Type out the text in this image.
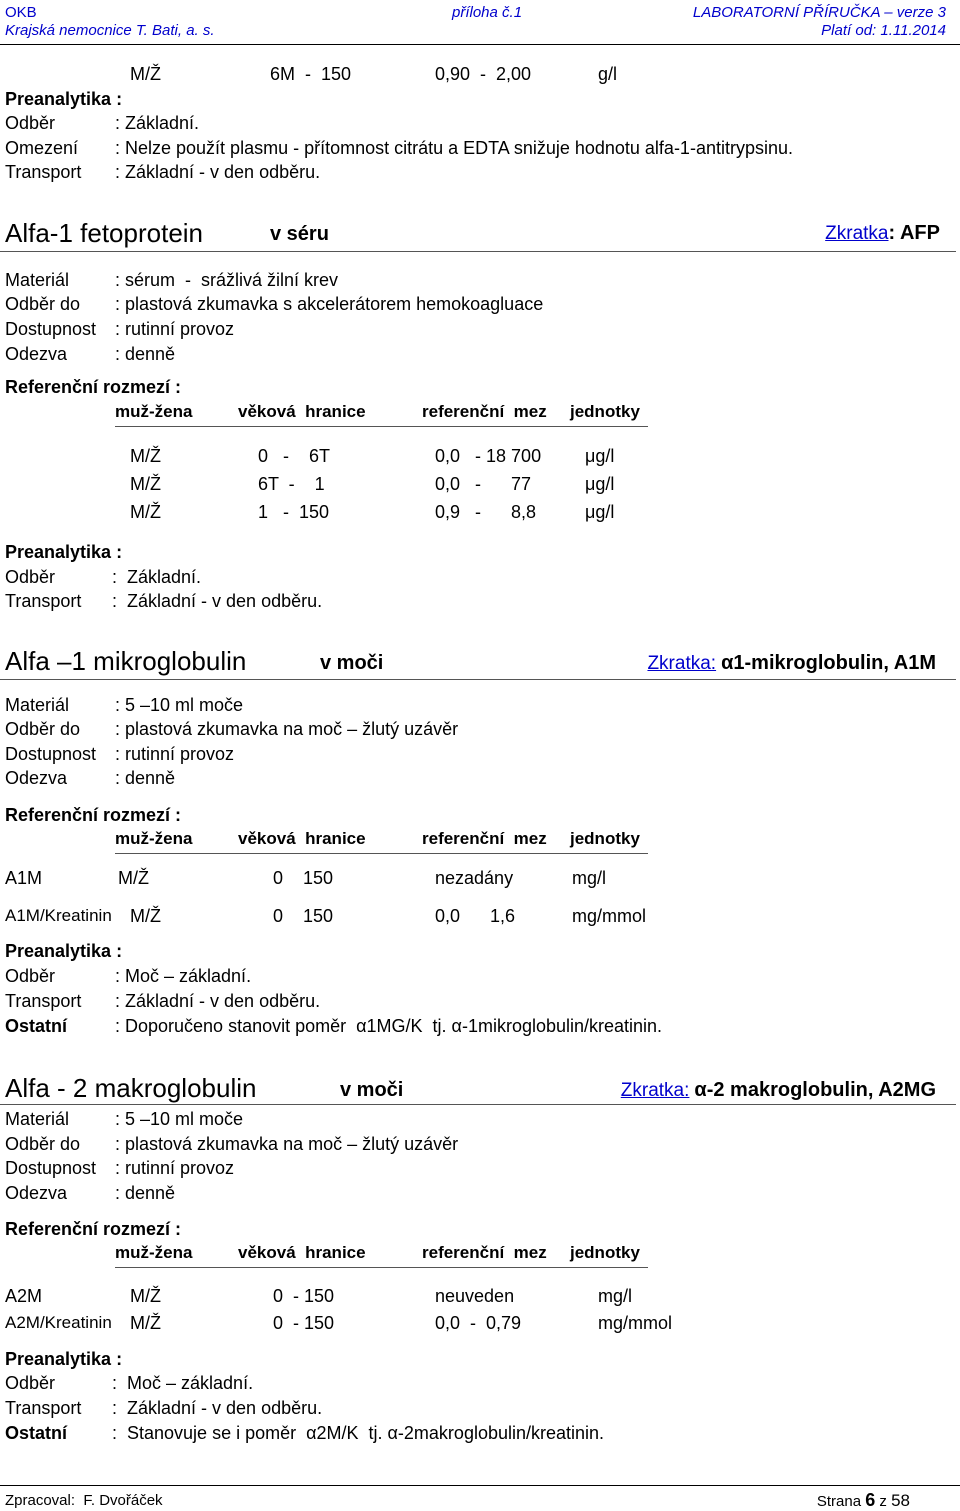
OKB
Krajská nemocnice T. Bati, a. s.
příloha č.1	LABORATORNÍ PŘÍRUČKA – verze 3
Platí od: 1.11.2014
M/Ž	6M  -  150	0,90  -  2,00	g/l
Preanalytika :
Odběr	: Základní.
Omezení : Nelze použít plasmu - přítomnost citrátu a EDTA snižuje hodnotu alfa-1-antitrypsinu.
Transport : Základní - v den odběru.
Alfa-1 fetoprotein	v séru	Zkratka: AFP
Materiál	: sérum  -  srážlivá žilní krev
Odběr do : plastová zkumavka s akcelerátorem hemokoagluace
Dostupnost : rutinní provoz
Odezva	: denně
Referenční rozmezí :
muž-žena	věková  hranice	referenční  mez jednotky
M/Ž	0   -    6T	0,0   - 18 700 μg/l
M/Ž	6T  -    1	0,0   -      77	μg/l
M/Ž	1   -  150	0,9   -      8,8	μg/l
Preanalytika :
Odběr	:  Základní.
Transport :  Základní - v den odběru.
Alfa –1 mikroglobulin	v moči	Zkratka: α1-mikroglobulin, A1M
Materiál	: 5 –10 ml moče
Odběr do : plastová zkumavka na moč – žlutý uzávěr
Dostupnost : rutinní provoz
Odezva	: denně
Referenční rozmezí :
muž-žena	věková  hranice	referenční  mez jednotky
A1M	M/Ž	0    150	nezadány	mg/l
A1M/Kreatinin M/Ž	0    150	0,0      1,6	mg/mmol
Preanalytika :
Odběr	: Moč – základní.
Transport : Základní - v den odběru.
Ostatní	: Doporučeno stanovit poměr  α1MG/K  tj. α-1mikroglobulin/kreatinin.
Alfa - 2 makroglobulin	v moči	Zkratka: α-2 makroglobulin, A2MG
Materiál	: 5 –10 ml moče
Odběr do : plastová zkumavka na moč – žlutý uzávěr
Dostupnost : rutinní provoz
Odezva	: denně
Referenční rozmezí :
muž-žena	věková  hranice	referenční  mez jednotky
A2M	M/Ž	0  - 150	neuveden	mg/l
A2M/Kreatinin M/Ž	0  - 150	0,0  -  0,79	mg/mmol
Preanalytika :
Odběr	:  Moč – základní.
Transport :  Základní - v den odběru.
Ostatní :  Stanovuje se i poměr  α2M/K  tj. α-2makroglobulin/kreatinin.
Zpracoval:  F. Dvořáček	Strana 6 z 58
